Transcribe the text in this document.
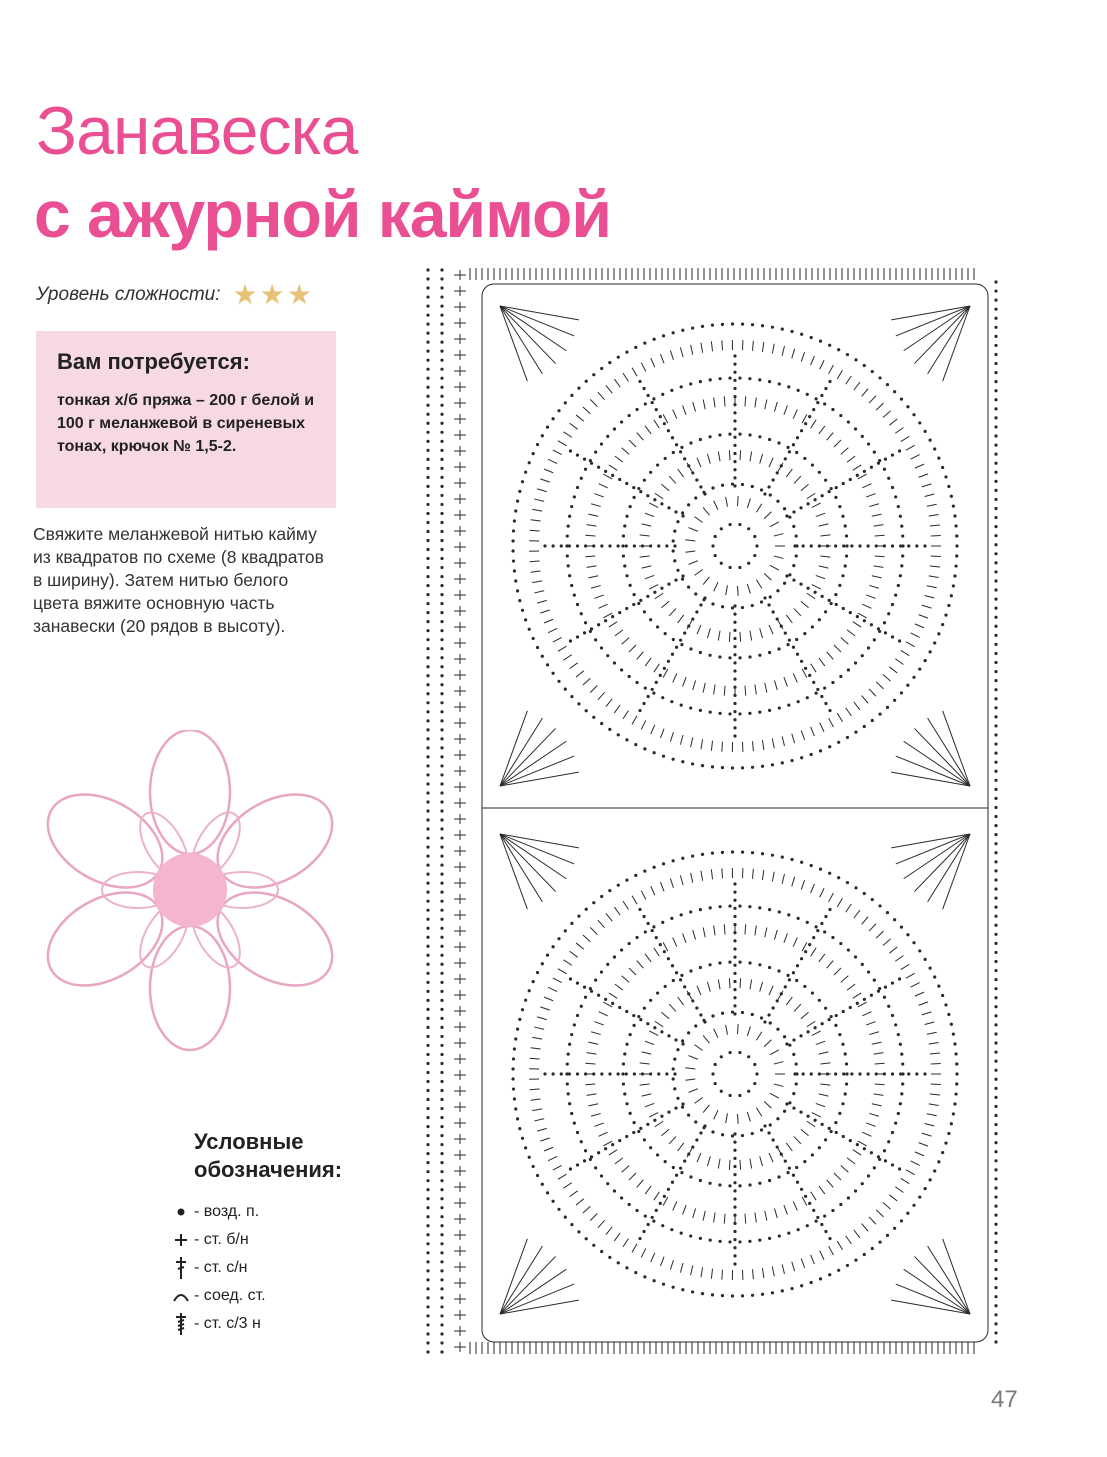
Занавеска
с ажурной каймой
Уровень сложности: ★ ★ ★
Вам потребуется:
тонкая х/б пряжа – 200 г белой и 100 г меланжевой в сиреневых тонах, крючок № 1,5-2.
Свяжите меланжевой нитью кайму из квадратов по схеме (8 квадратов в ширину). Затем нитью белого цвета вяжите основную часть занавески (20 рядов в высоту).
Условные
обозначения:
- возд. п.
- ст. б/н
- ст. с/н
- соед. ст.
- ст. с/3 н
47
